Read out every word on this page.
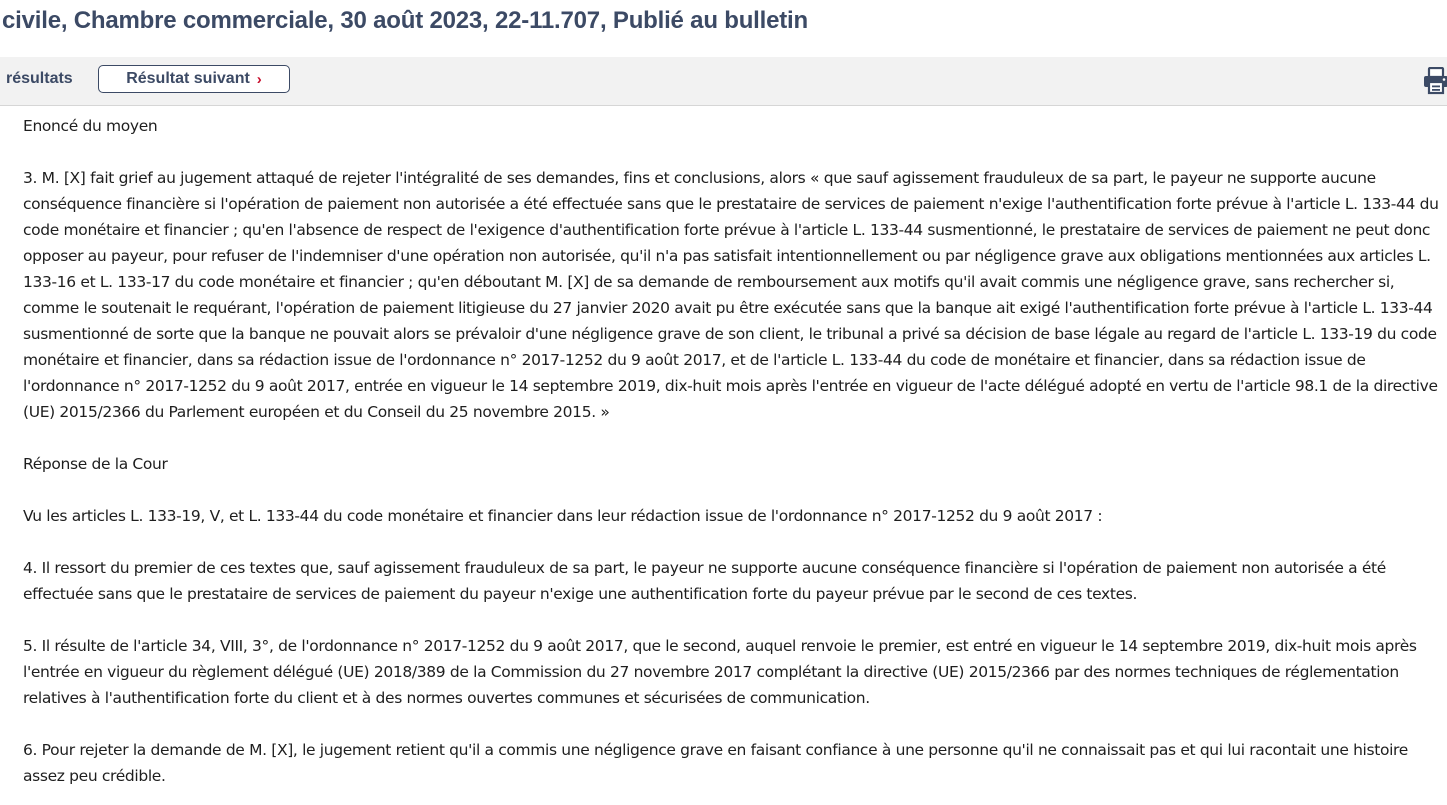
civile, Chambre commerciale, 30 août 2023, 22-11.707, Publié au bulletin
résultats	Résultat suivant ›

Enoncé du moyen

3. M. [X] fait grief au jugement attaqué de rejeter l'intégralité de ses demandes, fins et conclusions, alors « que sauf agissement frauduleux de sa part, le payeur ne supporte aucune conséquence financière si l'opération de paiement non autorisée a été effectuée sans que le prestataire de services de paiement n'exige l'authentification forte prévue à l'article L. 133-44 du code monétaire et financier ; qu'en l'absence de respect de l'exigence d'authentification forte prévue à l'article L. 133-44 susmentionné, le prestataire de services de paiement ne peut donc opposer au payeur, pour refuser de l'indemniser d'une opération non autorisée, qu'il n'a pas satisfait intentionnellement ou par négligence grave aux obligations mentionnées aux articles L. 133-16 et L. 133-17 du code monétaire et financier ; qu'en déboutant M. [X] de sa demande de remboursement aux motifs qu'il avait commis une négligence grave, sans rechercher si, comme le soutenait le requérant, l'opération de paiement litigieuse du 27 janvier 2020 avait pu être exécutée sans que la banque ait exigé l'authentification forte prévue à l'article L. 133-44 susmentionné de sorte que la banque ne pouvait alors se prévaloir d'une négligence grave de son client, le tribunal a privé sa décision de base légale au regard de l'article L. 133-19 du code monétaire et financier, dans sa rédaction issue de l'ordonnance n° 2017-1252 du 9 août 2017, et de l'article L. 133-44 du code de monétaire et financier, dans sa rédaction issue de l'ordonnance n° 2017-1252 du 9 août 2017, entrée en vigueur le 14 septembre 2019, dix-huit mois après l'entrée en vigueur de l'acte délégué adopté en vertu de l'article 98.1 de la directive (UE) 2015/2366 du Parlement européen et du Conseil du 25 novembre 2015. »

Réponse de la Cour

Vu les articles L. 133-19, V, et L. 133-44 du code monétaire et financier dans leur rédaction issue de l'ordonnance n° 2017-1252 du 9 août 2017 :

4. Il ressort du premier de ces textes que, sauf agissement frauduleux de sa part, le payeur ne supporte aucune conséquence financière si l'opération de paiement non autorisée a été effectuée sans que le prestataire de services de paiement du payeur n'exige une authentification forte du payeur prévue par le second de ces textes.

5. Il résulte de l'article 34, VIII, 3°, de l'ordonnance n° 2017-1252 du 9 août 2017, que le second, auquel renvoie le premier, est entré en vigueur le 14 septembre 2019, dix-huit mois après l'entrée en vigueur du règlement délégué (UE) 2018/389 de la Commission du 27 novembre 2017 complétant la directive (UE) 2015/2366 par des normes techniques de réglementation relatives à l'authentification forte du client et à des normes ouvertes communes et sécurisées de communication.

6. Pour rejeter la demande de M. [X], le jugement retient qu'il a commis une négligence grave en faisant confiance à une personne qu'il ne connaissait pas et qui lui racontait une histoire assez peu crédible.
